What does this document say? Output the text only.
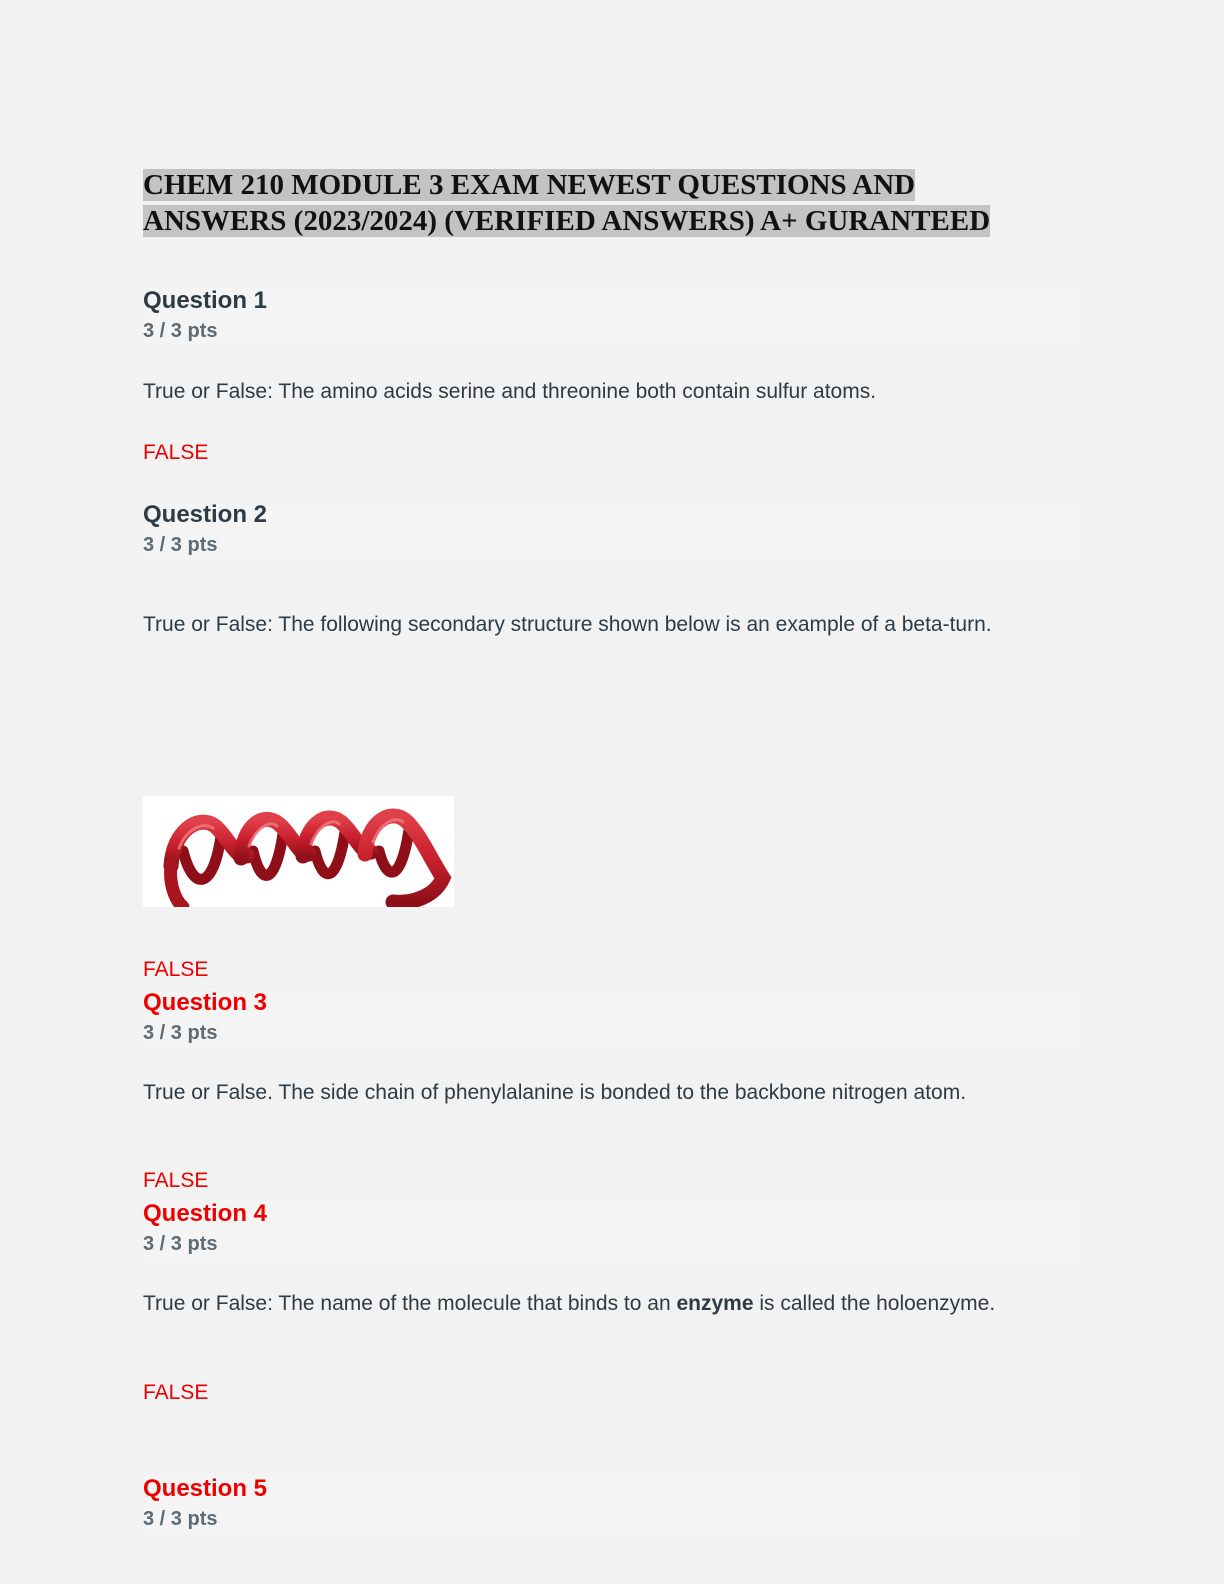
CHEM 210 MODULE 3 EXAM NEWEST QUESTIONS AND
ANSWERS (2023/2024) (VERIFIED ANSWERS) A+ GURANTEED
Question 1
3 / 3 pts

True or False: The amino acids serine and threonine both contain sulfur atoms.

FALSE

Question 2
3 / 3 pts

True or False: The following secondary structure shown below is an example of a beta-turn.

FALSE

Question 3
3 / 3 pts

True or False. The side chain of phenylalanine is bonded to the backbone nitrogen atom.

FALSE

Question 4
3 / 3 pts

True or False: The name of the molecule that binds to an enzyme is called the holoenzyme.

FALSE

Question 5
3 / 3 pts
